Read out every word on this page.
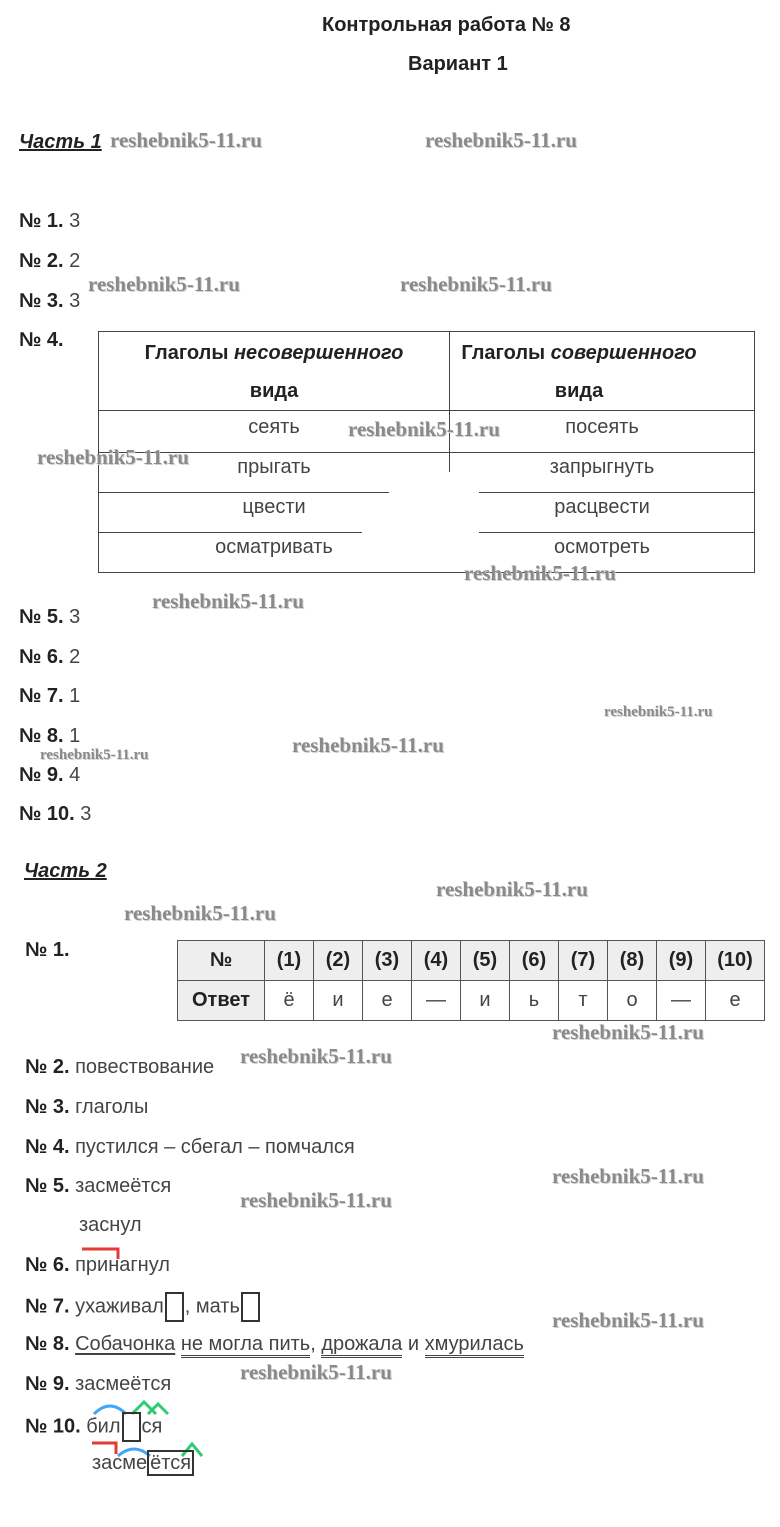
Контрольная работа № 8
Вариант 1
Часть 1
№ 1. 3
№ 2. 2
№ 3. 3
№ 4.
Глаголы несовершенного
вида
Глаголы совершенного
вида
сеять	посеять
прыгать	запрыгнуть
цвести	расцвести
осматривать	осмотреть
№ 5. 3
№ 6. 2
№ 7. 1
№ 8. 1
№ 9. 4
№ 10. 3
Часть 2
№ 1.	№	(1)	(2)	(3)	(4)	(5)	(6)	(7)	(8)	(9)	(10)
Ответ	ё	и	е	—	и	ь	т	о	—	е
№ 2. повествование
№ 3. глаголы
№ 4. пустился – сбегал – помчался
№ 5. засмеётся
заснул
№ 6. принагнул
№ 7. ухаживал , мать
№ 8. Собачонка не могла пить, дрожала и хмурилась
№ 9. засмеётся
№ 10. бил ся
засме ётся
reshebnik5-11.ru	reshebnik5-11.ru
reshebnik5-11.ru	reshebnik5-11.ru
reshebnik5-11.ru
reshebnik5-11.ru
reshebnik5-11.ru
reshebnik5-11.ru
reshebnik5-11.ru
reshebnik5-11.ru
reshebnik5-11.ru
reshebnik5-11.ru
reshebnik5-11.ru
reshebnik5-11.ru
reshebnik5-11.ru
reshebnik5-11.ru
reshebnik5-11.ru
reshebnik5-11.ru
reshebnik5-11.ru
